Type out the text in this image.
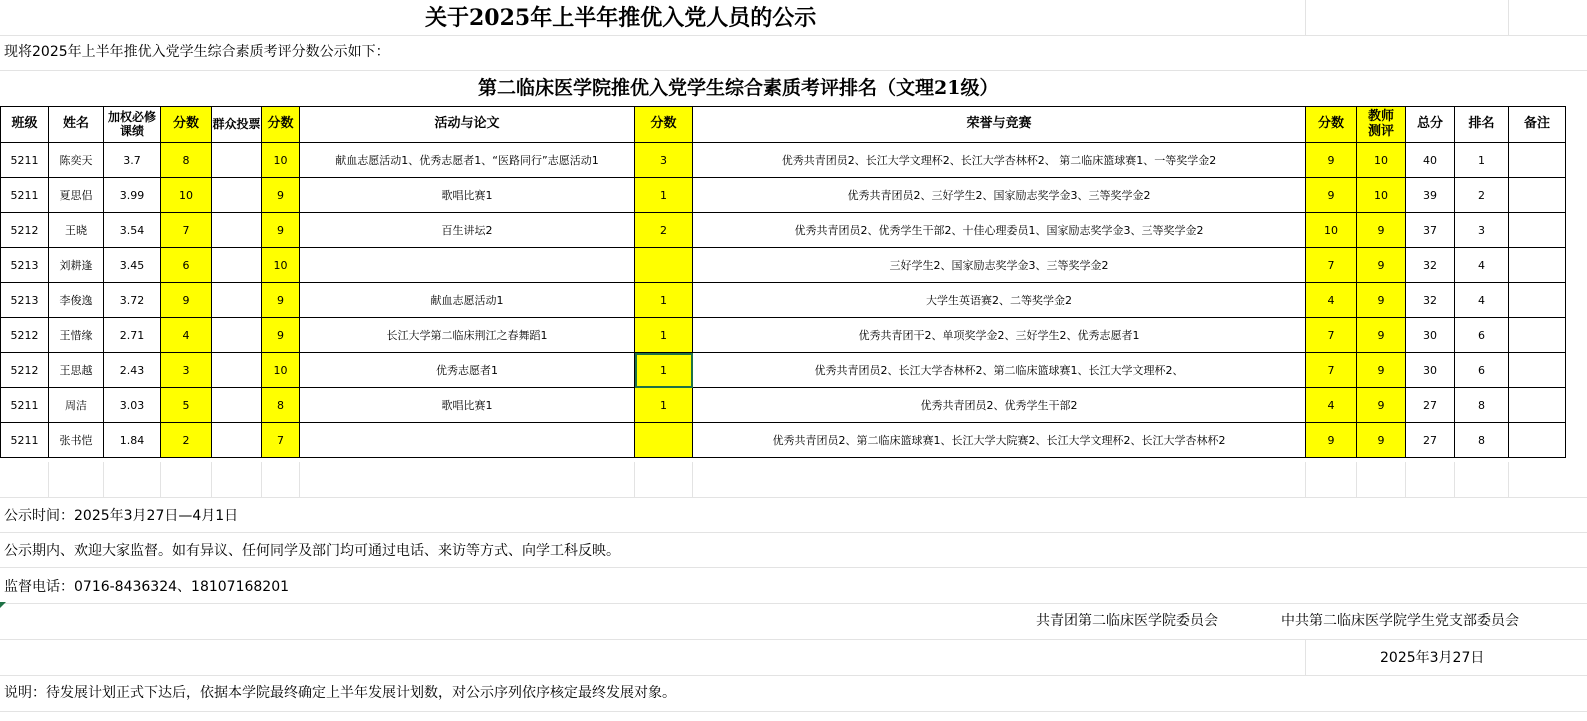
关于2025年上半年推优入党人员的公示
现将2025年上半年推优入党学生综合素质考评分数公示如下：
第二临床医学院推优入党学生综合素质考评排名（文理21级）
班级	姓名	加权必修课绩	分数	群众投票	分数	活动与论文	分数	荣誉与竞赛	分数	教师测评	总分	排名	备注
5211	陈奕天	3.7	8		10	献血志愿活动1、优秀志愿者1、“医路同行”志愿活动1	3	优秀共青团员2、长江大学文理杯2、长江大学杏林杯2、 第二临床篮球赛1、一等奖学金2	9	10	40	1	
5211	夏思侣	3.99	10		9	歌唱比赛1	1	优秀共青团员2、三好学生2、国家励志奖学金3、三等奖学金2	9	10	39	2	
5212	王晓	3.54	7		9	百生讲坛2	2	优秀共青团员2、优秀学生干部2、十佳心理委员1、国家励志奖学金3、三等奖学金2	10	9	37	3	
5213	刘耕逢	3.45	6		10			三好学生2、国家励志奖学金3、三等奖学金2	7	9	32	4	
5213	李俊逸	3.72	9		9	献血志愿活动1	1	大学生英语赛2、二等奖学金2	4	9	32	4	
5212	王惜缘	2.71	4		9	长江大学第二临床荆江之春舞蹈1	1	优秀共青团干2、单项奖学金2、三好学生2、优秀志愿者1	7	9	30	6	
5212	王思越	2.43	3		10	优秀志愿者1	1	优秀共青团员2、长江大学杏林杯2、第二临床篮球赛1、长江大学文理杯2、	7	9	30	6	
5211	周洁	3.03	5		8	歌唱比赛1	1	优秀共青团员2、优秀学生干部2	4	9	27	8	
5211	张书恺	1.84	2		7			优秀共青团员2、第二临床篮球赛1、长江大学大院赛2、长江大学文理杯2、长江大学杏林杯2	9	9	27	8	
公示时间：2025年3月27日—4月1日
公示期内、欢迎大家监督。如有异议、任何同学及部门均可通过电话、来访等方式、向学工科反映。
监督电话：0716-8436324、18107168201
共青团第二临床医学院委员会	中共第二临床医学院学生党支部委员会
2025年3月27日
说明：待发展计划正式下达后，依据本学院最终确定上半年发展计划数，对公示序列依序核定最终发展对象。
